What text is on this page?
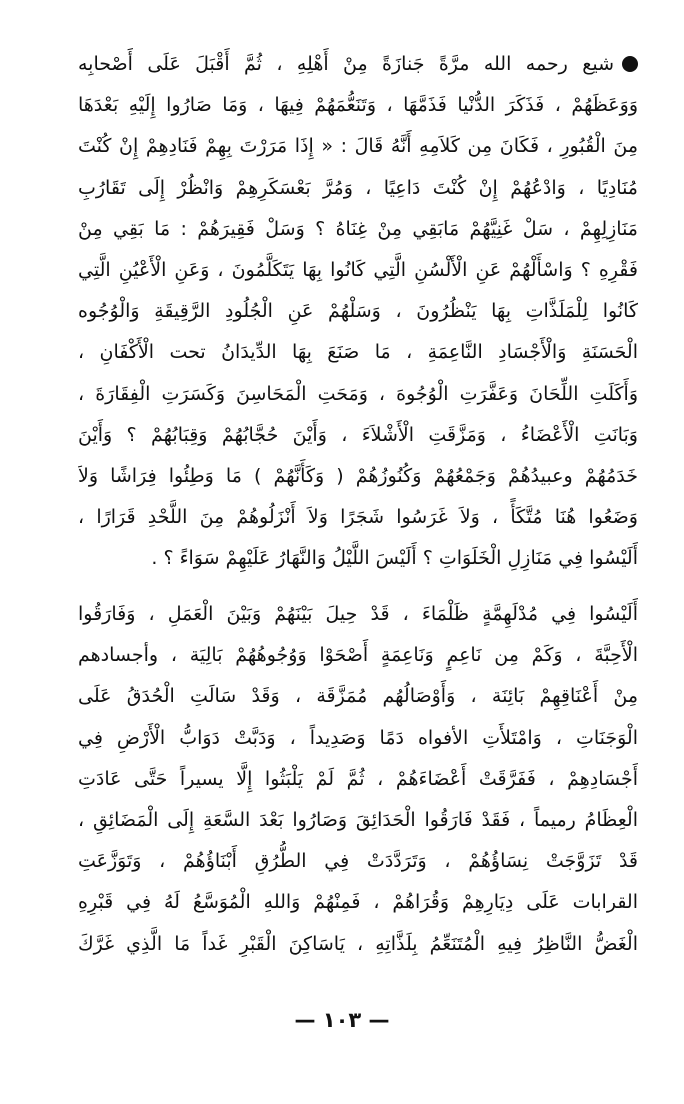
شيع رحمه الله مرَّةً جَنازَةً مِنْ أَهْلِهِ ، ثُمَّ أَقْبَلَ عَلَى أَصْحابِه
وَوَعَظَهُمْ ، فَذَكَرَ الدُّنْيا فَذَمَّهَا ، وَتَنَعُّمَهُمْ فِيهَا ، وَمَا صَارُوا إِلَيْهِ بَعْدَهَا
مِنَ الْقُبُورِ ، فَكَانَ مِن كَلاَمِهِ أَنَّهُ قَالَ : « إِذَا مَرَرْتَ بِهِمْ فَنَادِهِمْ إِنْ كُنْتَ
مُنَادِيًا ، وَادْعُهُمْ إِنْ كُنْتَ دَاعِيًا ، وَمُرَّ بَعْسَكَرِهِمْ وَانْظُرْ إِلَى تَقَارُبِ
مَنَازِلِهِمْ ، سَلْ غَنِيَّهُمْ مَابَقِي مِنْ غِنَاهُ ؟ وَسَلْ فَقِيرَهُمْ : مَا بَقِي مِنْ
فَقْرِهِ ؟ وَاسْأَلْهُمْ عَنِ الْأَلْسُنِ الَّتِي كَانُوا بِهَا يَتَكَلَّمُونَ ، وَعَنِ الْأَعْيُنِ الَّتِي
كَانُوا لِلْمَلَذَّاتِ بِهَا يَنْظُرُونَ ، وَسَلْهُمْ عَنِ الْجُلُودِ الرَّقِيقَةِ وَالْوُجُوه
الْحَسَنَةِ وَالْأَجْسَادِ النَّاعِمَةِ ، مَا صَنَعَ بِهَا الدِّيدَانُ تحت الْأَكْفَانِ ،
وَأَكَلَتِ اللِّحَانَ وَعَفَّرَتِ الْوُجُوهَ ، وَمَحَتِ الْمَحَاسِنَ وَكَسَرَتِ الْفِقَارَةَ ،
وَبَانَتِ الْأَعْضَاءُ ، وَمَزَّقَتِ الْأَشْلاَءَ ، وَأَيْنَ حُجَّابُهُمْ وَقِبَابُهُمْ ؟ وَأَيْنَ
خَدَمُهُمْ وعبيدُهُمْ وَجَمْعُهُمْ وَكُنُوزُهُمْ ( وَكَأَنَّهُمْ ) مَا وَطِئُوا فِرَاشًا وَلاَ
وَضَعُوا هُنَا مُتَّكَأً ، وَلاَ غَرَسُوا شَجَرًا وَلاَ أَنْزَلُوهُمْ مِنَ اللَّحْدِ قَرَارًا ،
أَلَيْسُوا فِي مَنَازِلِ الْخَلَوَاتِ ؟ أَلَيْسَ اللَّيْلُ وَالنَّهَارُ عَلَيْهِمْ سَوَاءً ؟ .
أَلَيْسُوا فِي مُدْلَهِمَّةٍ ظَلْمَاءَ ، قَدْ حِيلَ بَيْنَهُمْ وَبَيْنَ الْعَمَلِ ، وَفَارَقُوا
الْأَحِبَّةَ ، وَكَمْ مِن نَاعِمٍ وَنَاعِمَةٍ أَصْحَوْا وَوُجُوهُهُمْ بَالِيَة ، وأجسادهم
مِنْ أَعْنَاقِهِمْ بَائِنَة ، وَأَوْصَالُهُم مُمَزَّقَة ، وَقَدْ سَالَتِ الْحُدَقُ عَلَى
الْوَجَنَاتِ ، وَامْتَلأَتِ الأفواه دَمًا وَصَدِيداً ، وَدَبَّتْ دَوَابُّ الْأَرْضِ فِي
أَجْسَادِهِمْ ، فَفَرَّقَتْ أَعْضَاءَهُمْ ، ثُمَّ لَمْ يَلْبَثُوا إِلَّا يسيراً حَتَّى عَادَتِ
الْعِظَامُ رميماً ، فَقَدْ فَارَقُوا الْحَدَائِقَ وَصَارُوا بَعْدَ السَّعَةِ إِلَى الْمَضَائِقِ ،
قَدْ تَزَوَّجَتْ نِسَاؤُهُمْ ، وَتَرَدَّدَتْ فِي الطُّرُقِ أَبْنَاؤُهُمْ ، وَتَوَزَّعَتِ
القرابات عَلَى دِيَارِهِمْ وَقُرَاهُمْ ، فَمِنْهُمْ وَاللهِ الْمُوَسَّعُ لَهُ فِي قَبْرِهِ
الْغَضُّ النَّاظِرُ فِيهِ الْمُتَنَعِّمُ بِلَذَّاتِهِ ، يَاسَاكِنَ الْقَبْرِ غَداً مَا الَّذِي غَرَّكَ
— ١٠٣ —
